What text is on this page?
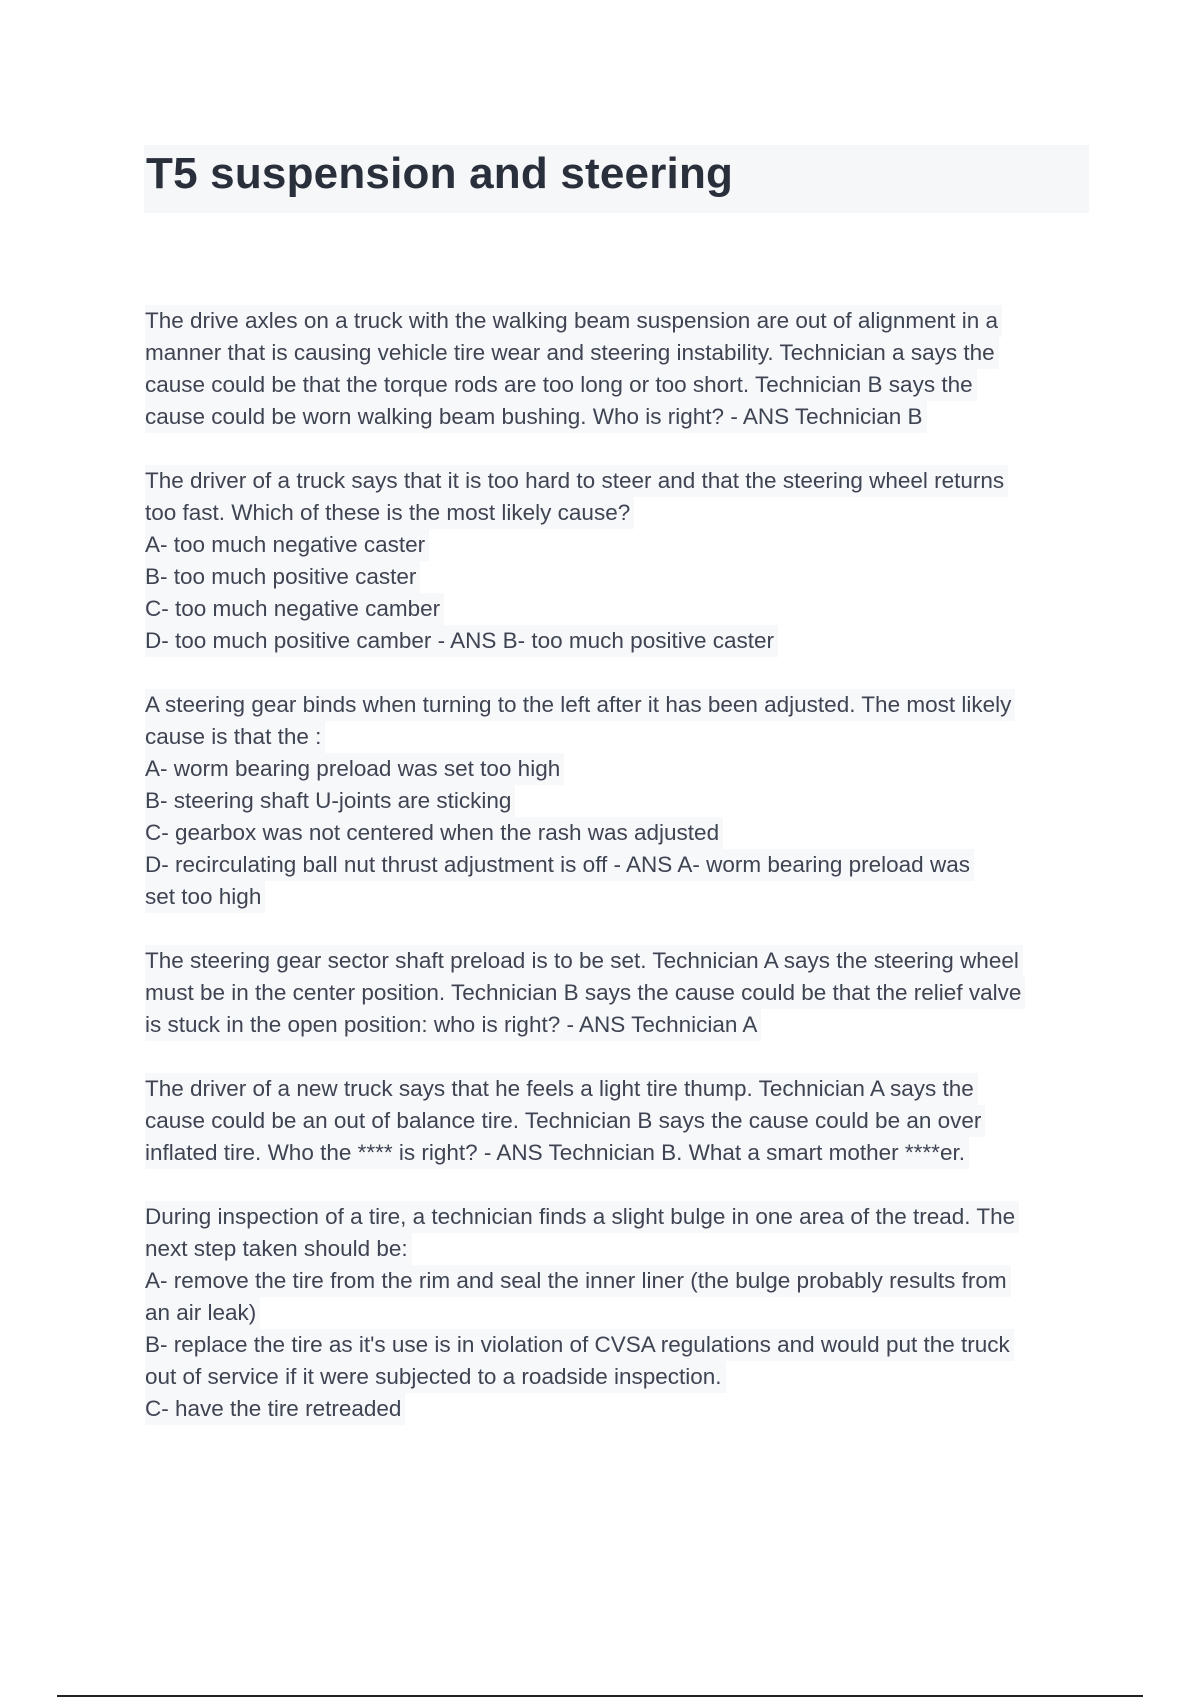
T5 suspension and steering
The drive axles on a truck with the walking beam suspension are out of alignment in a
manner that is causing vehicle tire wear and steering instability. Technician a says the
cause could be that the torque rods are too long or too short. Technician B says the
cause could be worn walking beam bushing. Who is right? - ANS Technician B
The driver of a truck says that it is too hard to steer and that the steering wheel returns
too fast. Which of these is the most likely cause?
A- too much negative caster
B- too much positive caster
C- too much negative camber
D- too much positive camber - ANS B- too much positive caster
A steering gear binds when turning to the left after it has been adjusted. The most likely
cause is that the :
A- worm bearing preload was set too high
B- steering shaft U-joints are sticking
C- gearbox was not centered when the rash was adjusted
D- recirculating ball nut thrust adjustment is off - ANS A- worm bearing preload was
set too high
The steering gear sector shaft preload is to be set. Technician A says the steering wheel
must be in the center position. Technician B says the cause could be that the relief valve
is stuck in the open position: who is right? - ANS Technician A
The driver of a new truck says that he feels a light tire thump. Technician A says the
cause could be an out of balance tire. Technician B says the cause could be an over
inflated tire. Who the **** is right? - ANS Technician B. What a smart mother ****er.
During inspection of a tire, a technician finds a slight bulge in one area of the tread. The
next step taken should be:
A- remove the tire from the rim and seal the inner liner (the bulge probably results from
an air leak)
B- replace the tire as it's use is in violation of CVSA regulations and would put the truck
out of service if it were subjected to a roadside inspection.
C- have the tire retreaded
